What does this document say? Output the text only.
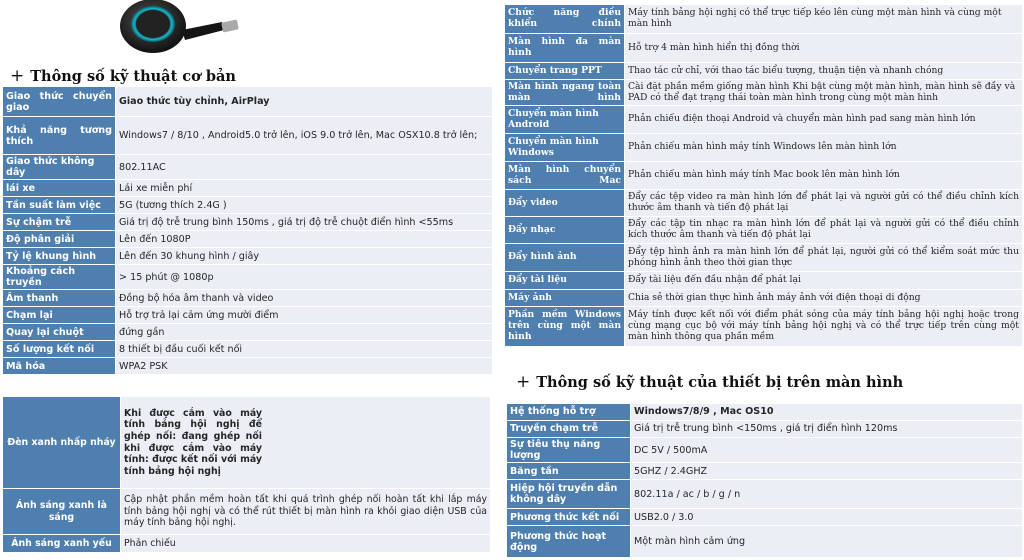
+ Thông số kỹ thuật cơ bản
Giao thức chuyển giao	Giao thức tùy chỉnh, AirPlay
Khả năng tương thích	Windows7 / 8/10 , Android5.0 trở lên, iOS 9.0 trở lên, Mac OSX10.8 trở lên;
Giao thức không dây	802.11AC
lái xe	Lái xe miễn phí
Tần suất làm việc	5G (tương thích 2.4G )
Sự chậm trễ	Giá trị độ trễ trung bình 150ms , giá trị độ trễ chuột điển hình <55ms
Độ phân giải	Lên đến 1080P
Tỷ lệ khung hình	Lên đến 30 khung hình / giây
Khoảng cách truyền	> 15 phút @ 1080p
Âm thanh	Đồng bộ hóa âm thanh và video
Chạm lại	Hỗ trợ trả lại cảm ứng mười điểm
Quay lại chuột	đứng gần
Số lượng kết nối	8 thiết bị đầu cuối kết nối
Mã hóa	WPA2 PSK
Đèn xanh nhấp nháy	Khi được cắm vào máy tính bảng hội nghị để ghép nối: đang ghép nối khi được cắm vào máy tính: được kết nối với máy tính bảng hội nghị

Ánh sáng xanh là sáng	Cập nhật phần mềm hoàn tất khi quá trình ghép nối hoàn tất khi lắp máy tính bảng hội nghị và có thể rút thiết bị màn hình ra khỏi giao diện USB của máy tính bảng hội nghị.
Ánh sáng xanh yếu	Phản chiếu
Chức năng điều khiển chính	Máy tính bảng hội nghị có thể trực tiếp kéo lên cùng một màn hình và cùng một màn hình
Màn hình đa màn hình	Hỗ trợ 4 màn hình hiển thị đồng thời
Chuyển trang PPT	Thao tác cử chỉ, với thao tác biểu tượng, thuận tiện và nhanh chóng
Màn hình ngang toàn màn hình	Cài đặt phần mềm giống màn hình Khi bật cùng một màn hình, màn hình sẽ đầy và PAD có thể đạt trạng thái toàn màn hình trong cùng một màn hình
Chuyển màn hình Android	Phản chiếu điện thoại Android và chuyển màn hình pad sang màn hình lớn
Chuyển màn hình Windows	Phản chiếu màn hình máy tính Windows lên màn hình lớn
Màn hình chuyển sách Mac	Phản chiếu màn hình máy tính Mac book lên màn hình lớn
Đẩy video	Đẩy các tệp video ra màn hình lớn để phát lại và người gửi có thể điều chỉnh kích thước âm thanh và tiến độ phát lại
Đẩy nhạc	Đẩy các tập tin nhạc ra màn hình lớn để phát lại và người gửi có thể điều chỉnh kích thước âm thanh và tiến độ phát lại
Đẩy hình ảnh	Đẩy tệp hình ảnh ra màn hình lớn để phát lại, người gửi có thể kiểm soát mức thu phóng hình ảnh theo thời gian thực
Đẩy tài liệu	Đẩy tài liệu đến đầu nhận để phát lại
Máy ảnh	Chia sẻ thời gian thực hình ảnh máy ảnh với điện thoại di động
Phần mềm Windows trên cùng một màn hình	Máy tính được kết nối với điểm phát sóng của máy tính bảng hội nghị hoặc trong cùng mạng cục bộ với máy tính bảng hội nghị và có thể trực tiếp trên cùng một màn hình thông qua phần mềm
+ Thông số kỹ thuật của thiết bị trên màn hình
Hệ thống hỗ trợ	Windows7/8/9 , Mac OS10
Truyền chạm trễ	Giá trị trễ trung bình <150ms , giá trị điển hình 120ms
Sự tiêu thụ năng lượng	DC 5V / 500mA
Băng tần	5GHZ / 2.4GHZ
Hiệp hội truyền dẫn không dây	802.11a / ac / b / g / n
Phương thức kết nối	USB2.0 / 3.0
Phương thức hoạt động	Một màn hình cảm ứng
